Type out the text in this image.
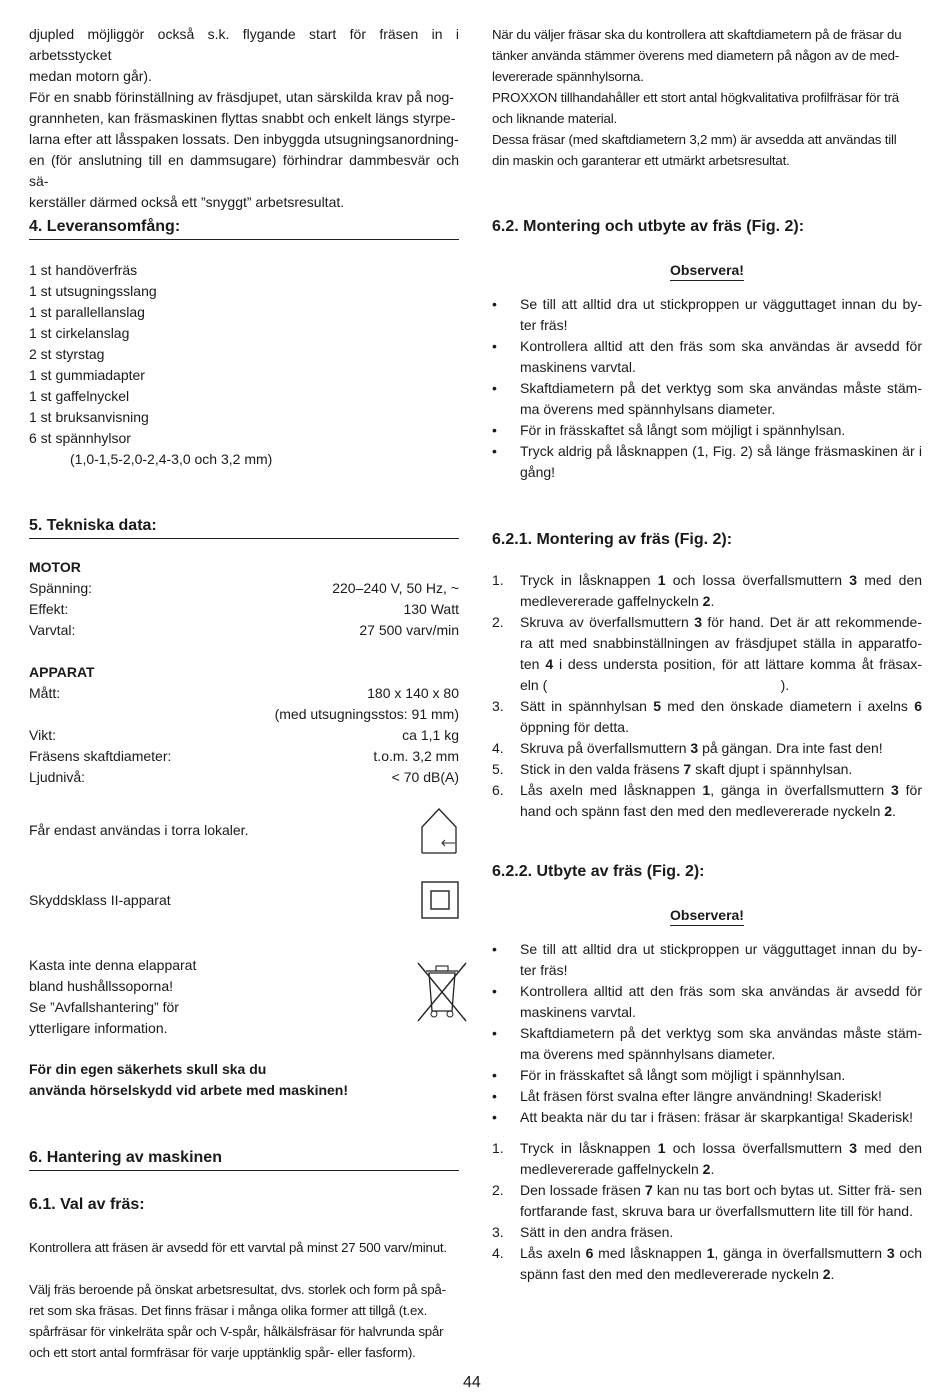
djupled möjliggör också s.k. flygande start för fräsen in i arbetsstycket
medan motorn går).
För en snabb förinställning av fräsdjupet, utan särskilda krav på nog-
grannheten, kan fräsmaskinen flyttas snabbt och enkelt längs styrpe-
larna efter att låsspaken lossats. Den inbyggda utsugningsanordning-
en (för anslutning till en dammsugare) förhindrar dammbesvär och sä-
kerställer därmed också ett ”snyggt” arbetsresultat.
4. Leveransomfång:
1 st handöverfräs
1 st utsugningsslang
1 st parallellanslag
1 st cirkelanslag
2 st styrstag
1 st gummiadapter
1 st gaffelnyckel
1 st bruksanvisning
6 st spännhylsor
(1,0-1,5-2,0-2,4-3,0 och 3,2 mm)
5. Tekniska data:
MOTOR
Spänning:	220–240 V, 50 Hz, ~
Effekt:	130 Watt
Varvtal:	27 500 varv/min
APPARAT
Mått:	180 x 140 x 80
(med utsugningsstos: 91 mm)
Vikt:	ca 1,1 kg
Fräsens skaftdiameter:	t.o.m. 3,2 mm
Ljudnivå:	< 70 dB(A)
Får endast användas i torra lokaler.
Skyddsklass II-apparat
Kasta inte denna elapparat
bland hushållssoporna!
Se ”Avfallshantering” för
ytterligare information.
För din egen säkerhets skull ska du
använda hörselskydd vid arbete med maskinen!
6. Hantering av maskinen
6.1. Val av fräs:

Kontrollera att fräsen är avsedd för ett varvtal på minst 27 500 varv/minut.

Välj fräs beroende på önskat arbetsresultat, dvs. storlek och form på spå-
ret som ska fräsas. Det finns fräsar i många olika former att tillgå (t.ex.
spårfräsar för vinkelräta spår och V-spår, hålkälsfräsar för halvrunda spår
och ett stort antal formfräsar för varje upptänklig spår- eller fasform).
När du väljer fräsar ska du kontrollera att skaftdiametern på de fräsar du
tänker använda stämmer överens med diametern på någon av de med-
levererade spännhylsorna.
PROXXON tillhandahåller ett stort antal högkvalitativa profilfräsar för trä
och liknande material.
Dessa fräsar (med skaftdiametern 3,2 mm) är avsedda att användas till
din maskin och garanterar ett utmärkt arbetsresultat.
6.2. Montering och utbyte av fräs (Fig. 2):
Observera!
• Se till att alltid dra ut stickproppen ur vägguttaget innan du by- ter fräs!
• Kontrollera alltid att den fräs som ska användas är avsedd för maskinens varvtal.
• Skaftdiametern på det verktyg som ska användas måste stäm- ma överens med spännhylsans diameter.
• För in frässkaftet så långt som möjligt i spännhylsan.
• Tryck aldrig på låsknappen (1, Fig. 2) så länge fräsmaskinen är i gång!
6.2.1. Montering av fräs (Fig. 2):
1. Tryck in låsknappen 1 och lossa överfallsmuttern 3 med den medlevererade gaffelnyckeln 2.
2. Skruva av överfallsmuttern 3 för hand. Det är att rekommende- ra att med snabbinställningen av fräsdjupet ställa in apparatfo- ten 4 i dess understa position, för att lättare komma åt fräsax- eln (                                                            ).
3. Sätt in spännhylsan 5 med den önskade diametern i axelns 6 öppning för detta.
4. Skruva på överfallsmuttern 3 på gängan. Dra inte fast den!
5. Stick in den valda fräsens 7 skaft djupt i spännhylsan.
6. Lås axeln med låsknappen 1, gänga in överfallsmuttern 3 för hand och spänn fast den med den medlevererade nyckeln 2.
6.2.2. Utbyte av fräs (Fig. 2):
Observera!
• Se till att alltid dra ut stickproppen ur vägguttaget innan du by- ter fräs!
• Kontrollera alltid att den fräs som ska användas är avsedd för maskinens varvtal.
• Skaftdiametern på det verktyg som ska användas måste stäm- ma överens med spännhylsans diameter.
• För in frässkaftet så långt som möjligt i spännhylsan.
• Låt fräsen först svalna efter längre användning! Skaderisk!
• Att beakta när du tar i fräsen: fräsar är skarpkantiga! Skaderisk!
1. Tryck in låsknappen 1 och lossa överfallsmuttern 3 med den medlevererade gaffelnyckeln 2.
2. Den lossade fräsen 7 kan nu tas bort och bytas ut. Sitter frä- sen fortfarande fast, skruva bara ur överfallsmuttern lite till för hand.
3. Sätt in den andra fräsen.
4. Lås axeln 6 med låsknappen 1, gänga in överfallsmuttern 3 och spänn fast den med den medlevererade nyckeln 2.
44
